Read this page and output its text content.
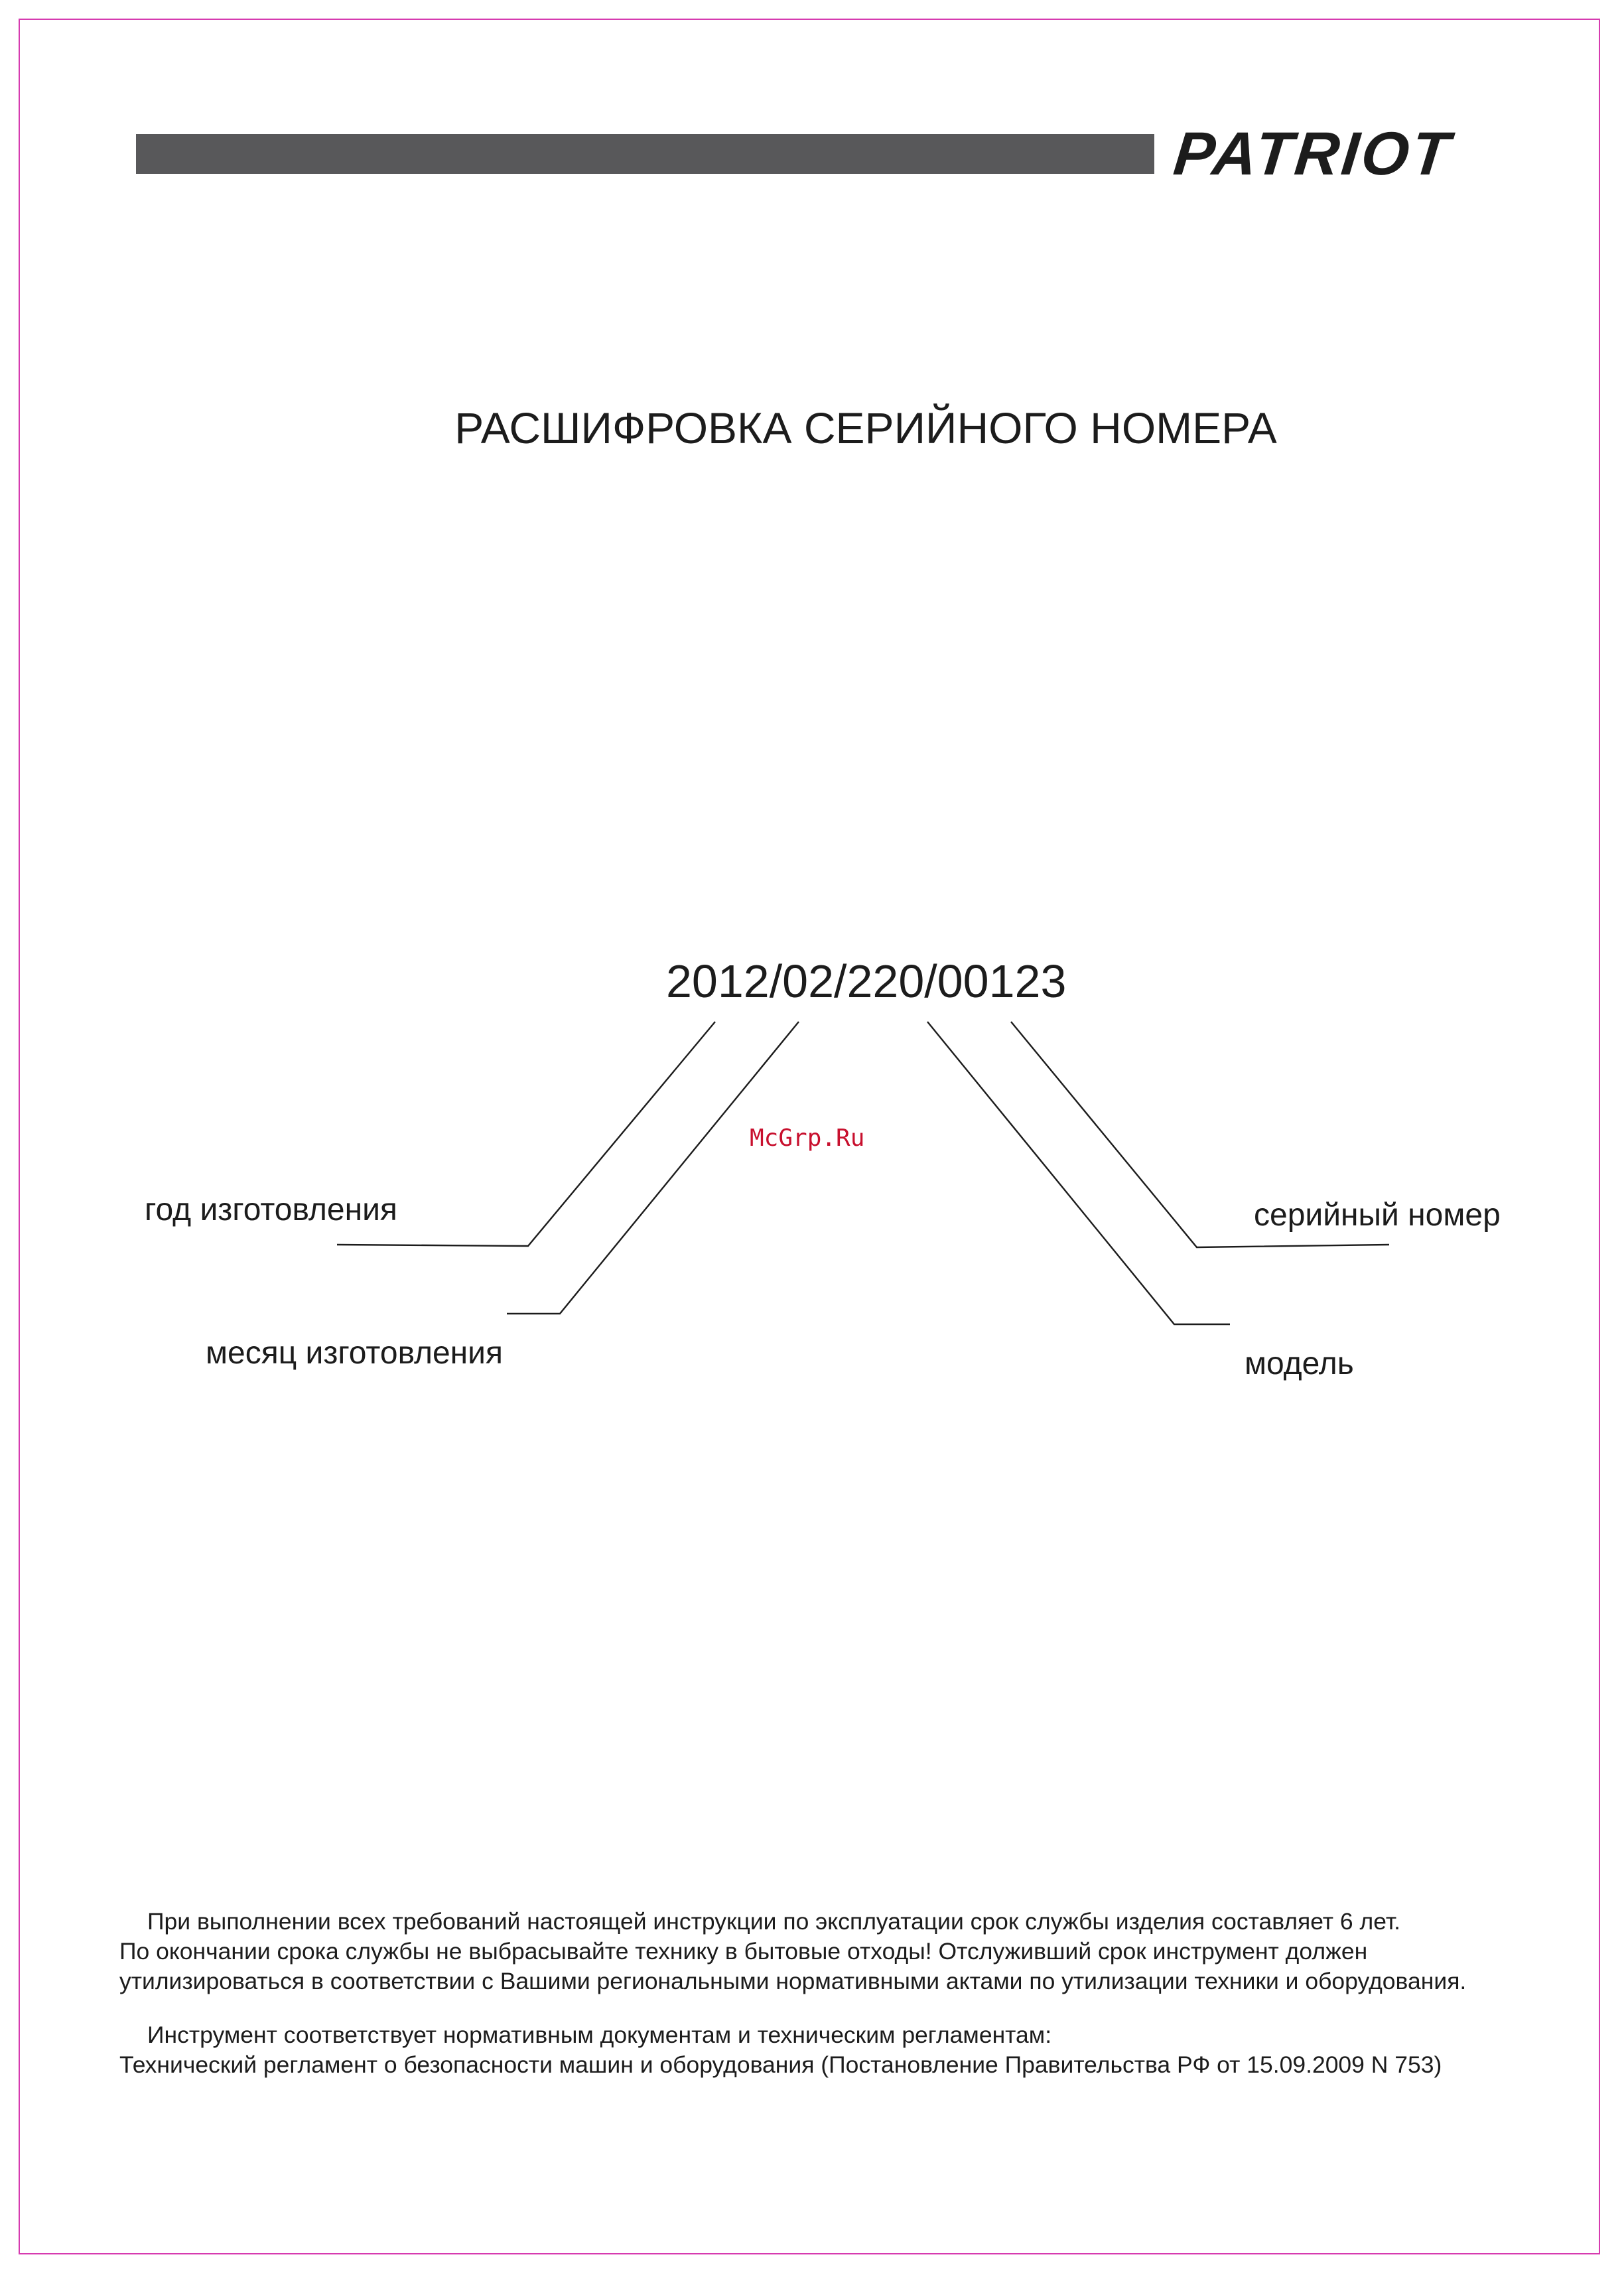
PATRIOT
РАСШИФРОВКА СЕРИЙНОГО НОМЕРА
2012/02/220/00123
McGrp.Ru
год изготовления
месяц изготовления
серийный номер
модель
При выполнении всех требований настоящей инструкции по эксплуатации срок службы изделия составляет 6 лет.
По окончании срока службы не выбрасывайте технику в бытовые отходы! Отслуживший срок инструмент должен
утилизироваться в соответствии с Вашими региональными нормативными актами по утилизации техники и оборудования.
Инструмент соответствует нормативным документам и техническим регламентам:
Технический регламент о безопасности машин и оборудования (Постановление Правительства РФ от 15.09.2009 N 753)
